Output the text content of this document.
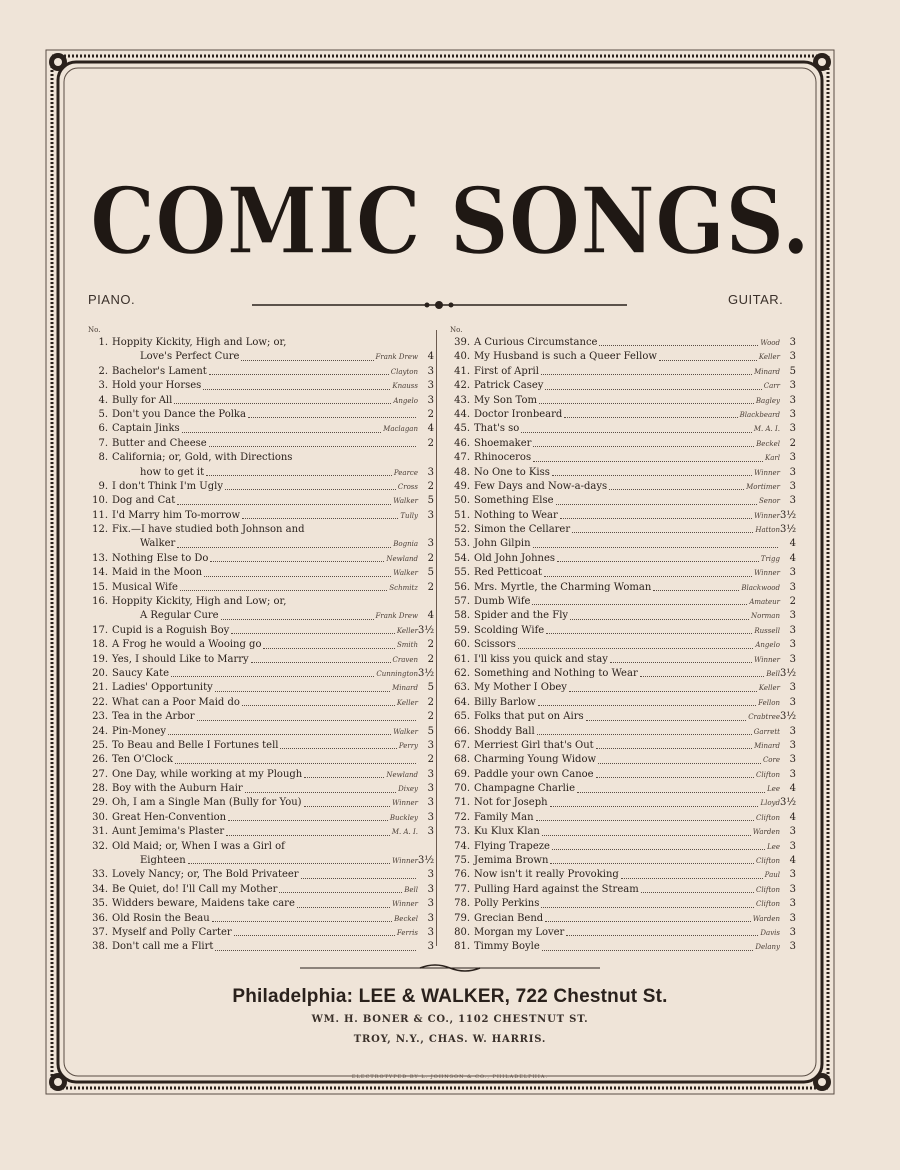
COMIC SONGS.
PIANO.	GUITAR.
No.	No.
1. Hoppity Kickity, High and Low; or,
Love's Perfect Cure	Frank Drew 4
2. Bachelor's Lament	Clayton 3
3. Hold your Horses	Knauss 3
4. Bully for All	Angelo 3
5. Don't you Dance the Polka	2
6. Captain Jinks	Maclagan 4
7. Butter and Cheese	2
8. California; or, Gold, with Directions
how to get it	Pearce 3
9. I don't Think I'm Ugly	Cross 2
10. Dog and Cat	Walker 5
11. I'd Marry him To-morrow	Tully 3
12. Fix.—I have studied both Johnson and
Walker	Bognia 3
13. Nothing Else to Do	Newland 2
14. Maid in the Moon	Walker 5
15. Musical Wife	Schmitz 2
16. Hoppity Kickity, High and Low; or,
A Regular Cure	Frank Drew 4
17. Cupid is a Roguish Boy	Keller 3½
18. A Frog he would a Wooing go	Smith 2
19. Yes, I should Like to Marry	Craven 2
20. Saucy Kate	Cunnington 3½
21. Ladies' Opportunity	Minard 5
22. What can a Poor Maid do	Keller 2
23. Tea in the Arbor	2
24. Pin-Money	Walker 5
25. To Beau and Belle I Fortunes tell	Perry 3
26. Ten O'Clock	2
27. One Day, while working at my Plough	Newland 3
28. Boy with the Auburn Hair	Dixey 3
29. Oh, I am a Single Man (Bully for You)	Winner 3
30. Great Hen-Convention	Buckley 3
31. Aunt Jemima's Plaster	M. A. I. 3
32. Old Maid; or, When I was a Girl of
Eighteen	Winner 3½
33. Lovely Nancy; or, The Bold Privateer	3
34. Be Quiet, do! I'll Call my Mother	Bell 3
35. Widders beware, Maidens take care	Winner 3
36. Old Rosin the Beau	Beckel 3
37. Myself and Polly Carter	Ferris 3
38. Don't call me a Flirt	3
39. A Curious Circumstance	Wood 3
40. My Husband is such a Queer Fellow	Keller 3
41. First of April	Minard 5
42. Patrick Casey	Carr 3
43. My Son Tom	Bagley 3
44. Doctor Ironbeard	Blackbeard 3
45. That's so	M. A. I. 3
46. Shoemaker	Beckel 2
47. Rhinoceros	Karl 3
48. No One to Kiss	Winner 3
49. Few Days and Now-a-days	Mortimer 3
50. Something Else	Senor 3
51. Nothing to Wear	Winner 3½
52. Simon the Cellarer	Hatton 3½
53. John Gilpin	4
54. Old John Johnes	Trigg 4
55. Red Petticoat	Winner 3
56. Mrs. Myrtle, the Charming Woman	Blackwood 3
57. Dumb Wife	Amateur 2
58. Spider and the Fly	Norman 3
59. Scolding Wife	Russell 3
60. Scissors	Angelo 3
61. I'll kiss you quick and stay	Winner 3
62. Something and Nothing to Wear	Bell 3½
63. My Mother I Obey	Keller 3
64. Billy Barlow	Fellon 3
65. Folks that put on Airs	Crabtree 3½
66. Shoddy Ball	Garrett 3
67. Merriest Girl that's Out	Minard 3
68. Charming Young Widow	Core 3
69. Paddle your own Canoe	Clifton 3
70. Champagne Charlie	Lee 4
71. Not for Joseph	Lloyd 3½
72. Family Man	Clifton 4
73. Ku Klux Klan	Warden 3
74. Flying Trapeze	Lee 3
75. Jemima Brown	Clifton 4
76. Now isn't it really Provoking	Paul 3
77. Pulling Hard against the Stream	Clifton 3
78. Polly Perkins	Clifton 3
79. Grecian Bend	Warden 3
80. Morgan my Lover	Davis 3
81. Timmy Boyle	Delany 3
Philadelphia: LEE & WALKER, 722 Chestnut St.
WM. H. BONER & CO., 1102 CHESTNUT ST.
TROY, N.Y., CHAS. W. HARRIS.
ELECTROTYPED BY L. JOHNSON & CO., PHILADELPHIA.
